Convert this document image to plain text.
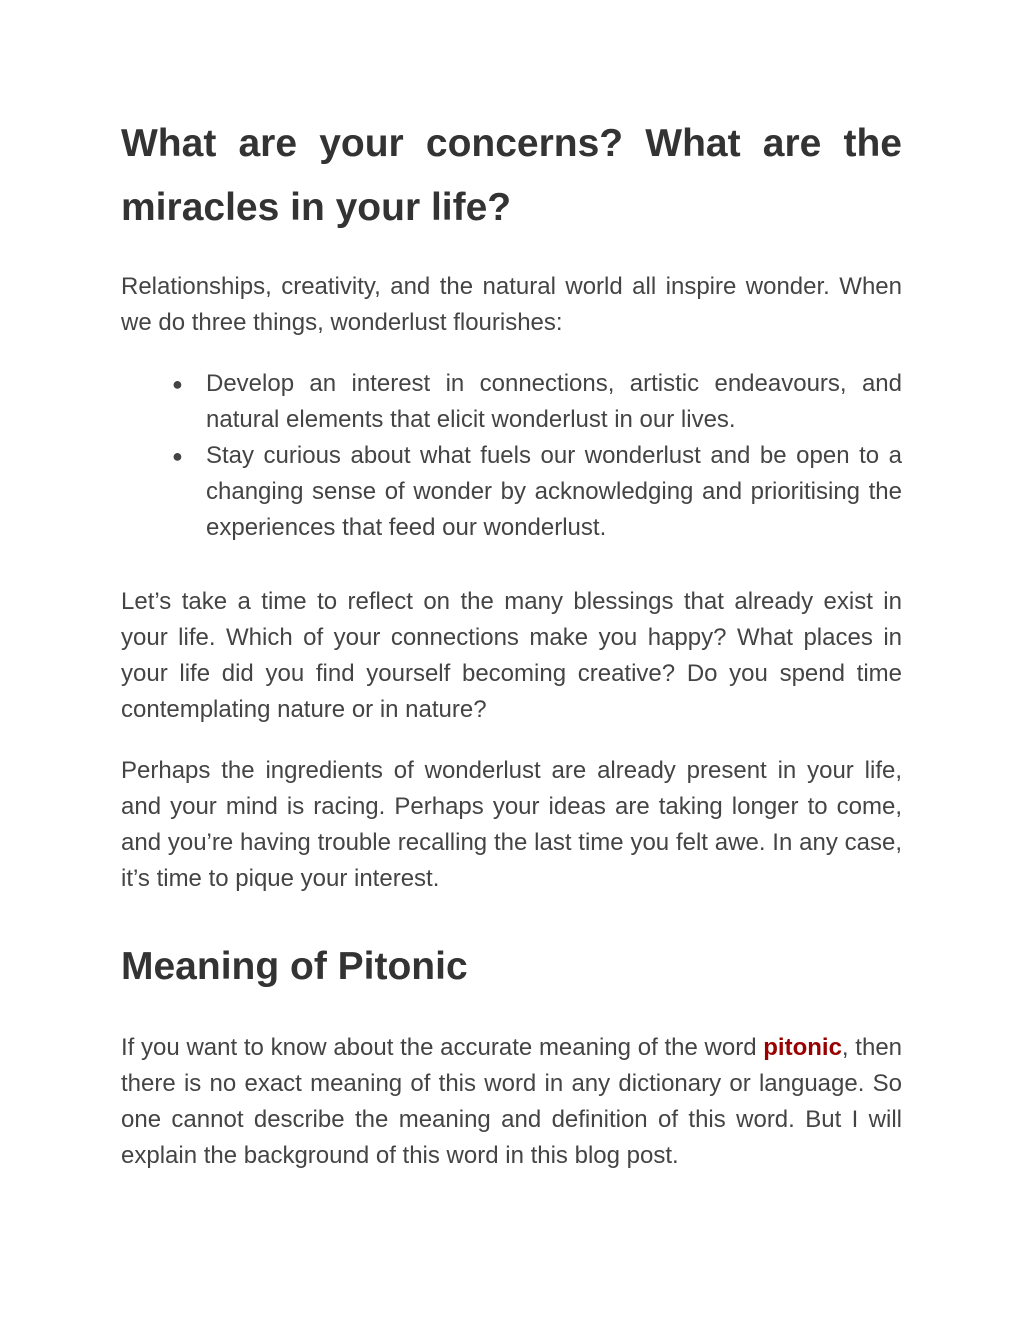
What are your concerns? What are the miracles in your life?

Relationships, creativity, and the natural world all inspire wonder. When we do three things, wonderlust flourishes:

● Develop an interest in connections, artistic endeavours, and natural elements that elicit wonderlust in our lives.
● Stay curious about what fuels our wonderlust and be open to a changing sense of wonder by acknowledging and prioritising the experiences that feed our wonderlust.

Let’s take a time to reflect on the many blessings that already exist in your life. Which of your connections make you happy? What places in your life did you find yourself becoming creative? Do you spend time contemplating nature or in nature?

Perhaps the ingredients of wonderlust are already present in your life, and your mind is racing. Perhaps your ideas are taking longer to come, and you’re having trouble recalling the last time you felt awe. In any case, it’s time to pique your interest.

Meaning of Pitonic

If you want to know about the accurate meaning of the word pitonic, then there is no exact meaning of this word in any dictionary or language. So one cannot describe the meaning and definition of this word. But I will explain the background of this word in this blog post.
